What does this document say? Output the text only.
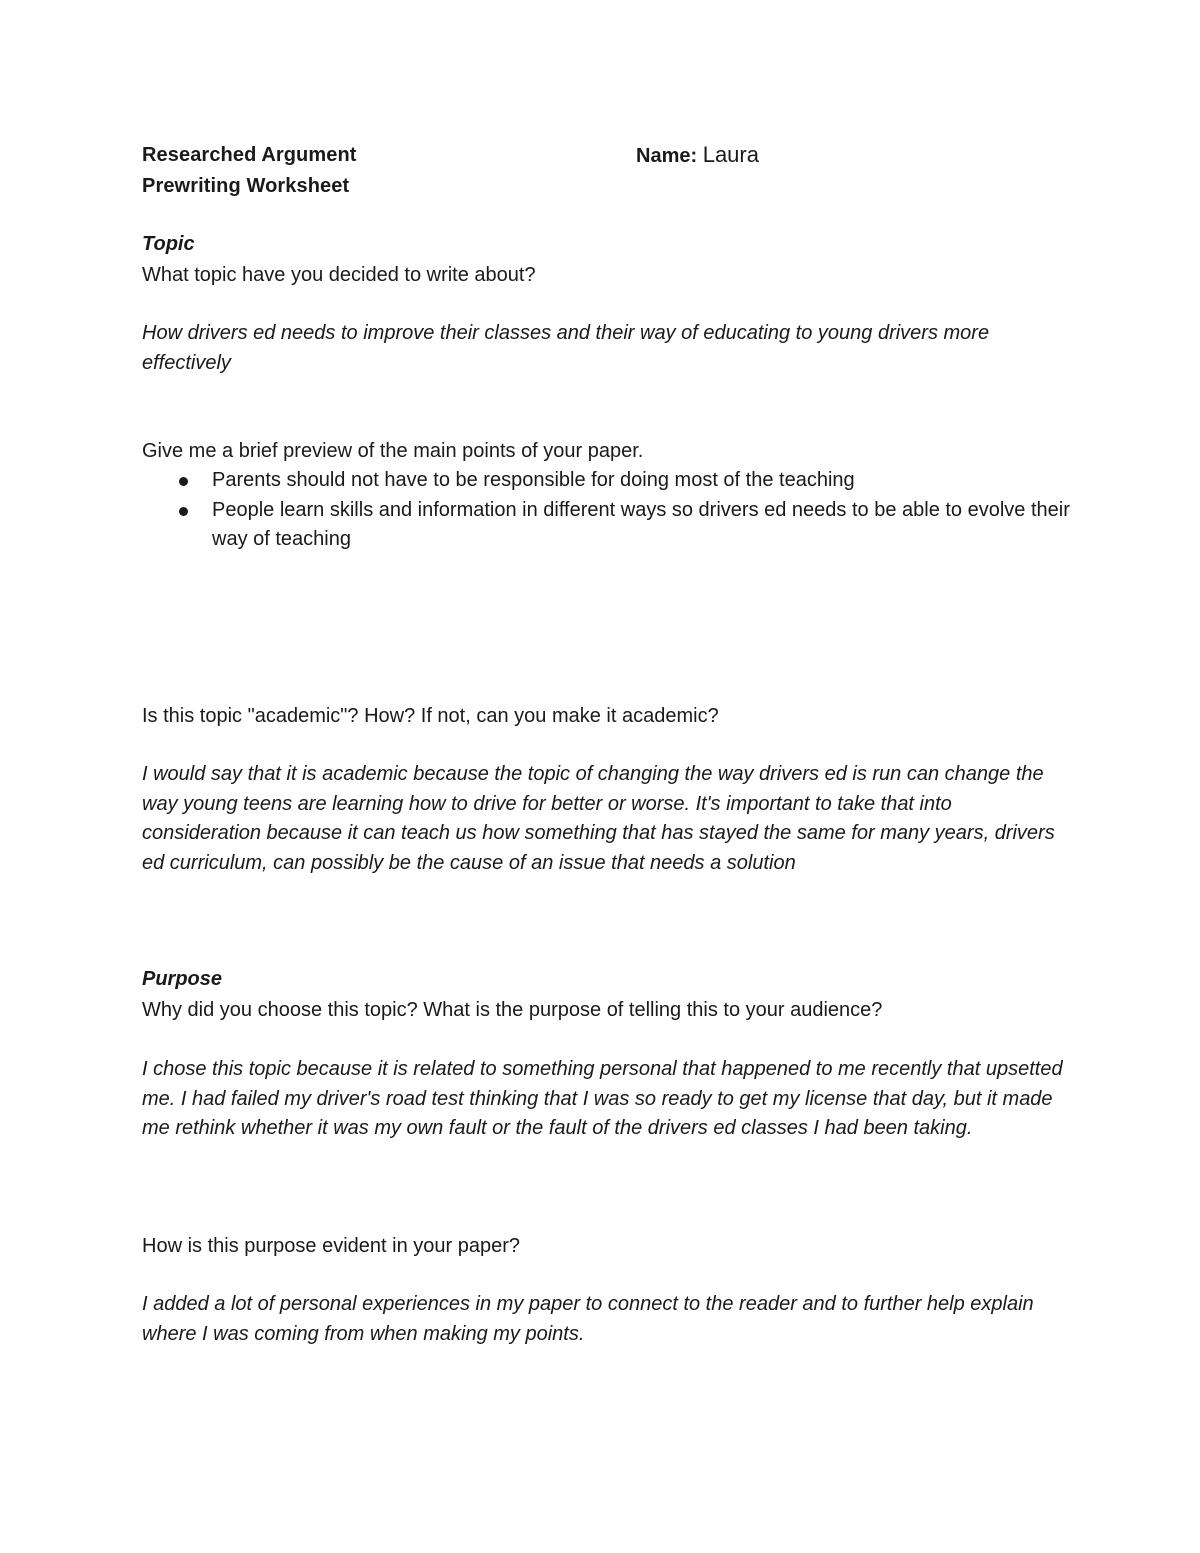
Researched Argument
Prewriting Worksheet
Name: Laura
Topic
What topic have you decided to write about?
How drivers ed needs to improve their classes and their way of educating to young drivers more effectively
Give me a brief preview of the main points of your paper.
Parents should not have to be responsible for doing most of the teaching
People learn skills and information in different ways so drivers ed needs to be able to evolve their way of teaching
Is this topic "academic"? How? If not, can you make it academic?
I would say that it is academic because the topic of changing the way drivers ed is run can change the way young teens are learning how to drive for better or worse. It's important to take that into consideration because it can teach us how something that has stayed the same for many years, drivers ed curriculum, can possibly be the cause of an issue that needs a solution
Purpose
Why did you choose this topic? What is the purpose of telling this to your audience?
I chose this topic because it is related to something personal that happened to me recently that upsetted me. I had failed my driver's road test thinking that I was so ready to get my license that day, but it made me rethink whether it was my own fault or the fault of the drivers ed classes I had been taking.
How is this purpose evident in your paper?
I added a lot of personal experiences in my paper to connect to the reader and to further help explain where I was coming from when making my points.
